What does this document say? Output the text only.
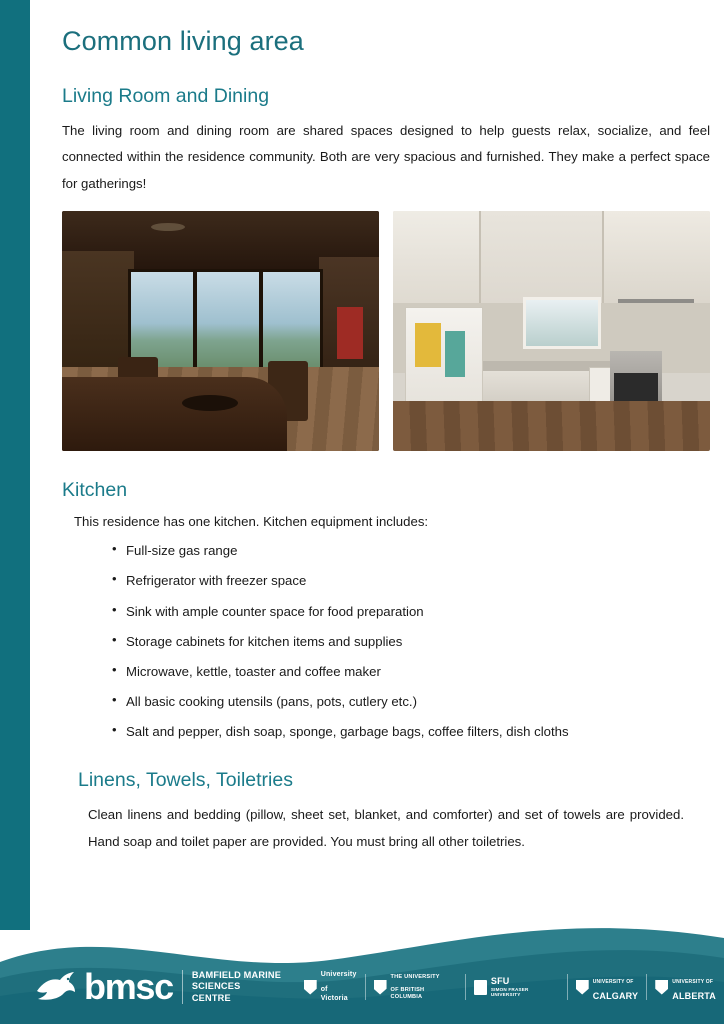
Common living area
Living Room and Dining

The living room and dining room are shared spaces designed to help guests relax, socialize, and feel connected within the residence community. Both are very spacious and furnished. They make a perfect space for gatherings!

Kitchen

This residence has one kitchen. Kitchen equipment includes:

• Full-size gas range
• Refrigerator with freezer space
• Sink with ample counter space for food preparation
• Storage cabinets for kitchen items and supplies
• Microwave, kettle, toaster and coffee maker
• All basic cooking utensils (pans, pots, cutlery etc.)
• Salt and pepper, dish soap, sponge, garbage bags, coffee filters, dish cloths
Linens, Towels, Toiletries

Clean linens and bedding (pillow, sheet set, blanket, and comforter) and set of towels are provided. Hand soap and toilet paper are provided. You must bring all other toiletries.

bmsc BAMFIELD MARINE
SCIENCES CENTRE

University

of Victoria

THE UNIVERSITY

OF BRITISH COLUMBIA

SFU

SIMON FRASER UNIVERSITY

UNIVERSITY OF

CALGARY

UNIVERSITY OF

ALBERTA
